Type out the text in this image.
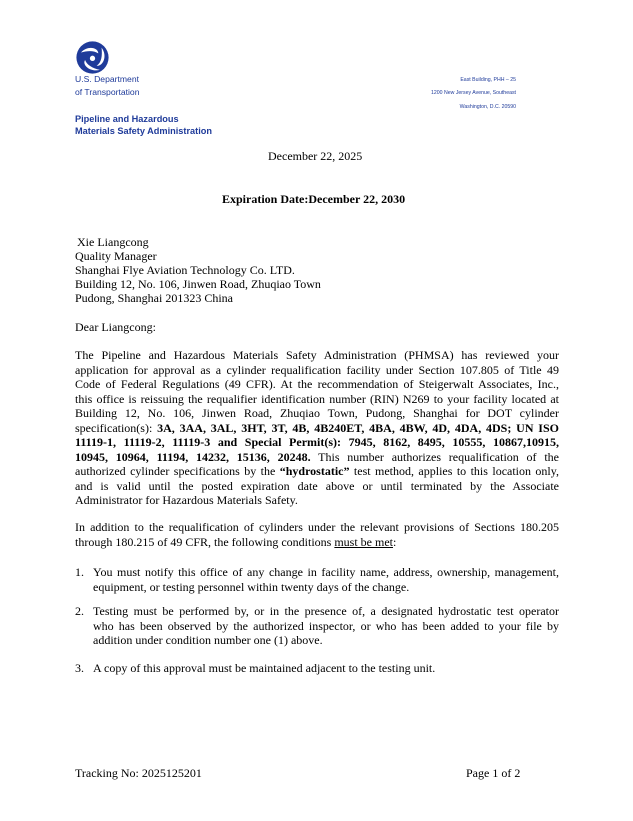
U.S. Department
of Transportation
East Building, PHH – 25
1200 New Jersey Avenue, Southeast
Washington, D.C. 20590
Pipeline and Hazardous
Materials Safety Administration
December 22, 2025
Expiration Date:December 22, 2030
Xie Liangcong
Quality Manager
Shanghai Flye Aviation Technology Co. LTD.
Building 12, No. 106, Jinwen Road, Zhuqiao Town
Pudong, Shanghai 201323 China
Dear Liangcong:
The Pipeline and Hazardous Materials Safety Administration (PHMSA) has reviewed your
application for approval as a cylinder requalification facility under Section 107.805 of Title 49
Code of Federal Regulations (49 CFR). At the recommendation of Steigerwalt Associates, Inc.,
this office is reissuing the requalifier identification number (RIN) N269 to your facility located at
Building 12, No. 106, Jinwen Road, Zhuqiao Town, Pudong, Shanghai for DOT cylinder
specification(s): 3A, 3AA, 3AL, 3HT, 3T, 4B, 4B240ET, 4BA, 4BW, 4D, 4DA, 4DS; UN ISO
11119-1, 11119-2, 11119-3 and Special Permit(s): 7945, 8162, 8495, 10555, 10867,10915,
10945, 10964, 11194, 14232, 15136, 20248. This number authorizes requalification of the
authorized cylinder specifications by the “hydrostatic” test method, applies to this location only,
and is valid until the posted expiration date above or until terminated by the Associate
Administrator for Hazardous Materials Safety.
In addition to the requalification of cylinders under the relevant provisions of Sections 180.205
through 180.215 of 49 CFR, the following conditions must be met:
1. You must notify this office of any change in facility name, address, ownership, management,
equipment, or testing personnel within twenty days of the change.
2. Testing must be performed by, or in the presence of, a designated hydrostatic test operator
who has been observed by the authorized inspector, or who has been added to your file by
addition under condition number one (1) above.
3. A copy of this approval must be maintained adjacent to the testing unit.
Tracking No: 2025125201	Page 1 of 2
